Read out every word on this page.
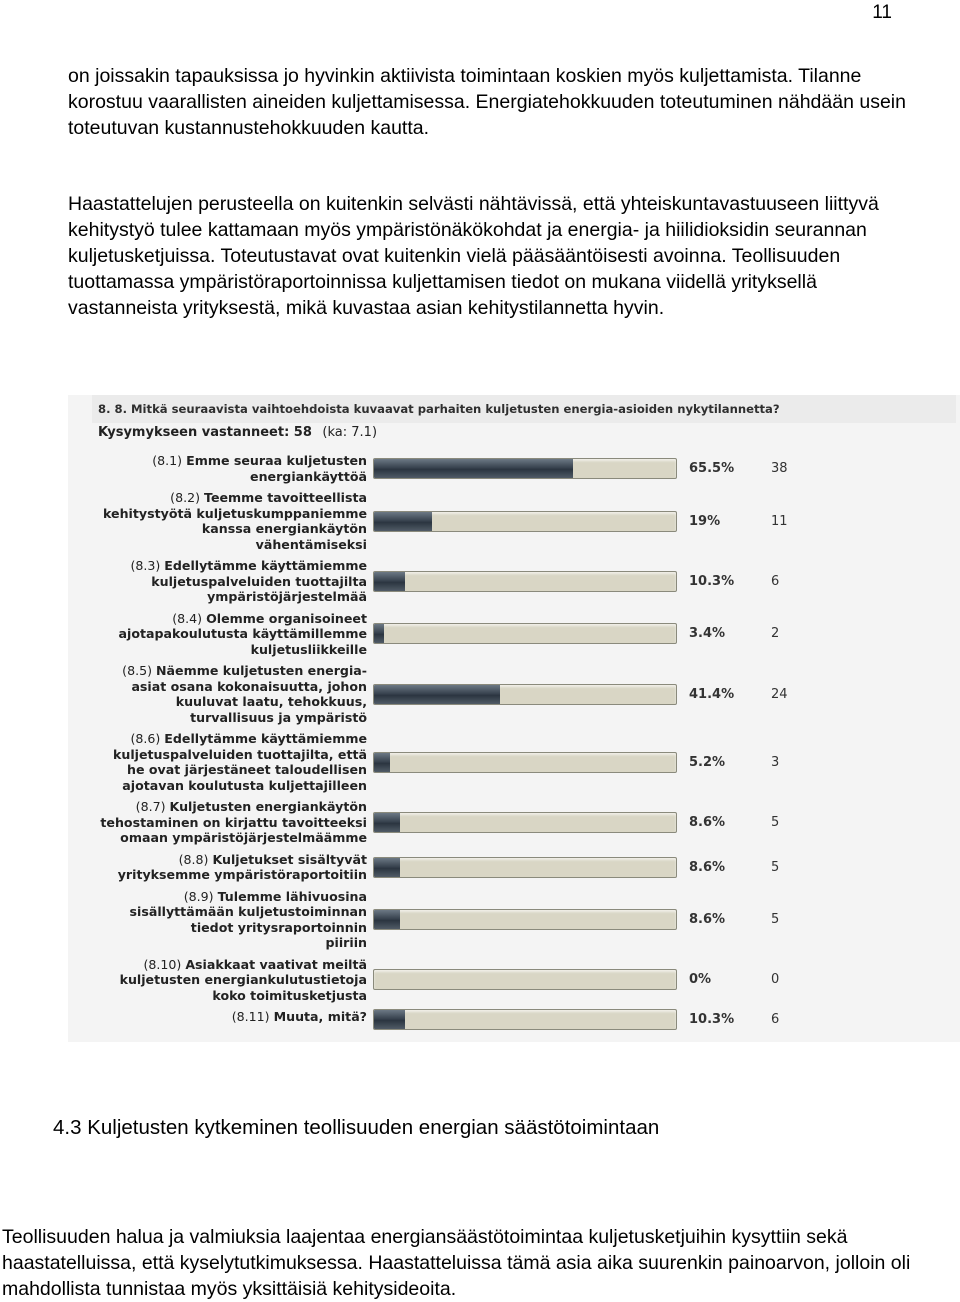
11

on joissakin tapauksissa jo hyvinkin aktiivista toimintaan koskien myös kuljettamista. Tilanne korostuu vaarallisten aineiden kuljettamisessa. Energiatehokkuuden toteutuminen nähdään usein toteutuvan kustannustehokkuuden kautta.

Haastattelujen perusteella on kuitenkin selvästi nähtävissä, että yhteiskuntavastuuseen liittyvä kehitystyö tulee kattamaan myös ympäristönäkökohdat ja energia- ja hiilidioksidin seurannan kuljetusketjuissa. Toteutustavat ovat kuitenkin vielä pääsääntöisesti avoinna. Teollisuuden tuottamassa ympäristöraportoinnissa kuljettamisen tiedot on mukana viidellä yrityksellä vastanneista yrityksestä, mikä kuvastaa asian kehitystilannetta hyvin.

8. 8. Mitkä seuraavista vaihtoehdoista kuvaavat parhaiten kuljetusten energia-asioiden nykytilannetta?
Kysymykseen vastanneet: 58 (ka: 7.1)
(8.1) Emme seuraa kuljetusten
energiankäyttöä	65.5%	38
(8.2) Teemme tavoitteellista
kehitystyötä kuljetuskumppaniemme
kanssa energiankäytön
vähentämiseksi
19%	11
(8.3) Edellytämme käyttämiemme
kuljetuspalveluiden tuottajilta
ympäristöjärjestelmää
10.3%	6
(8.4) Olemme organisoineet
ajotapakoulutusta käyttämillemme
kuljetusliikkeille
3.4%	2
(8.5) Näemme kuljetusten energia-
asiat osana kokonaisuutta, johon
kuuluvat laatu, tehokkuus,
turvallisuus ja ympäristö
41.4%	24
(8.6) Edellytämme käyttämiemme
kuljetuspalveluiden tuottajilta, että
he ovat järjestäneet taloudellisen
ajotavan koulutusta kuljettajilleen
5.2%	3
(8.7) Kuljetusten energiankäytön
tehostaminen on kirjattu tavoitteeksi
omaan ympäristöjärjestelmäämme
8.6%	5
(8.8) Kuljetukset sisältyvät
yrityksemme ympäristöraportoitiin	8.6%	5
(8.9) Tulemme lähivuosina
sisällyttämään kuljetustoiminnan
tiedot yritysraportoinnin
piiriin
8.6%	5
(8.10) Asiakkaat vaativat meiltä
kuljetusten energiankulutustietoja
koko toimitusketjusta
0%	0
(8.11) Muuta, mitä?	10.3%	6
4.3 Kuljetusten kytkeminen teollisuuden energian säästötoimintaan

Teollisuuden halua ja valmiuksia laajentaa energiansäästötoimintaa kuljetusketjuihin kysyttiin sekä haastatelluissa, että kyselytutkimuksessa. Haastatteluissa tämä asia aika suurenkin painoarvon, jolloin oli mahdollista tunnistaa myös yksittäisiä kehitysideoita.
